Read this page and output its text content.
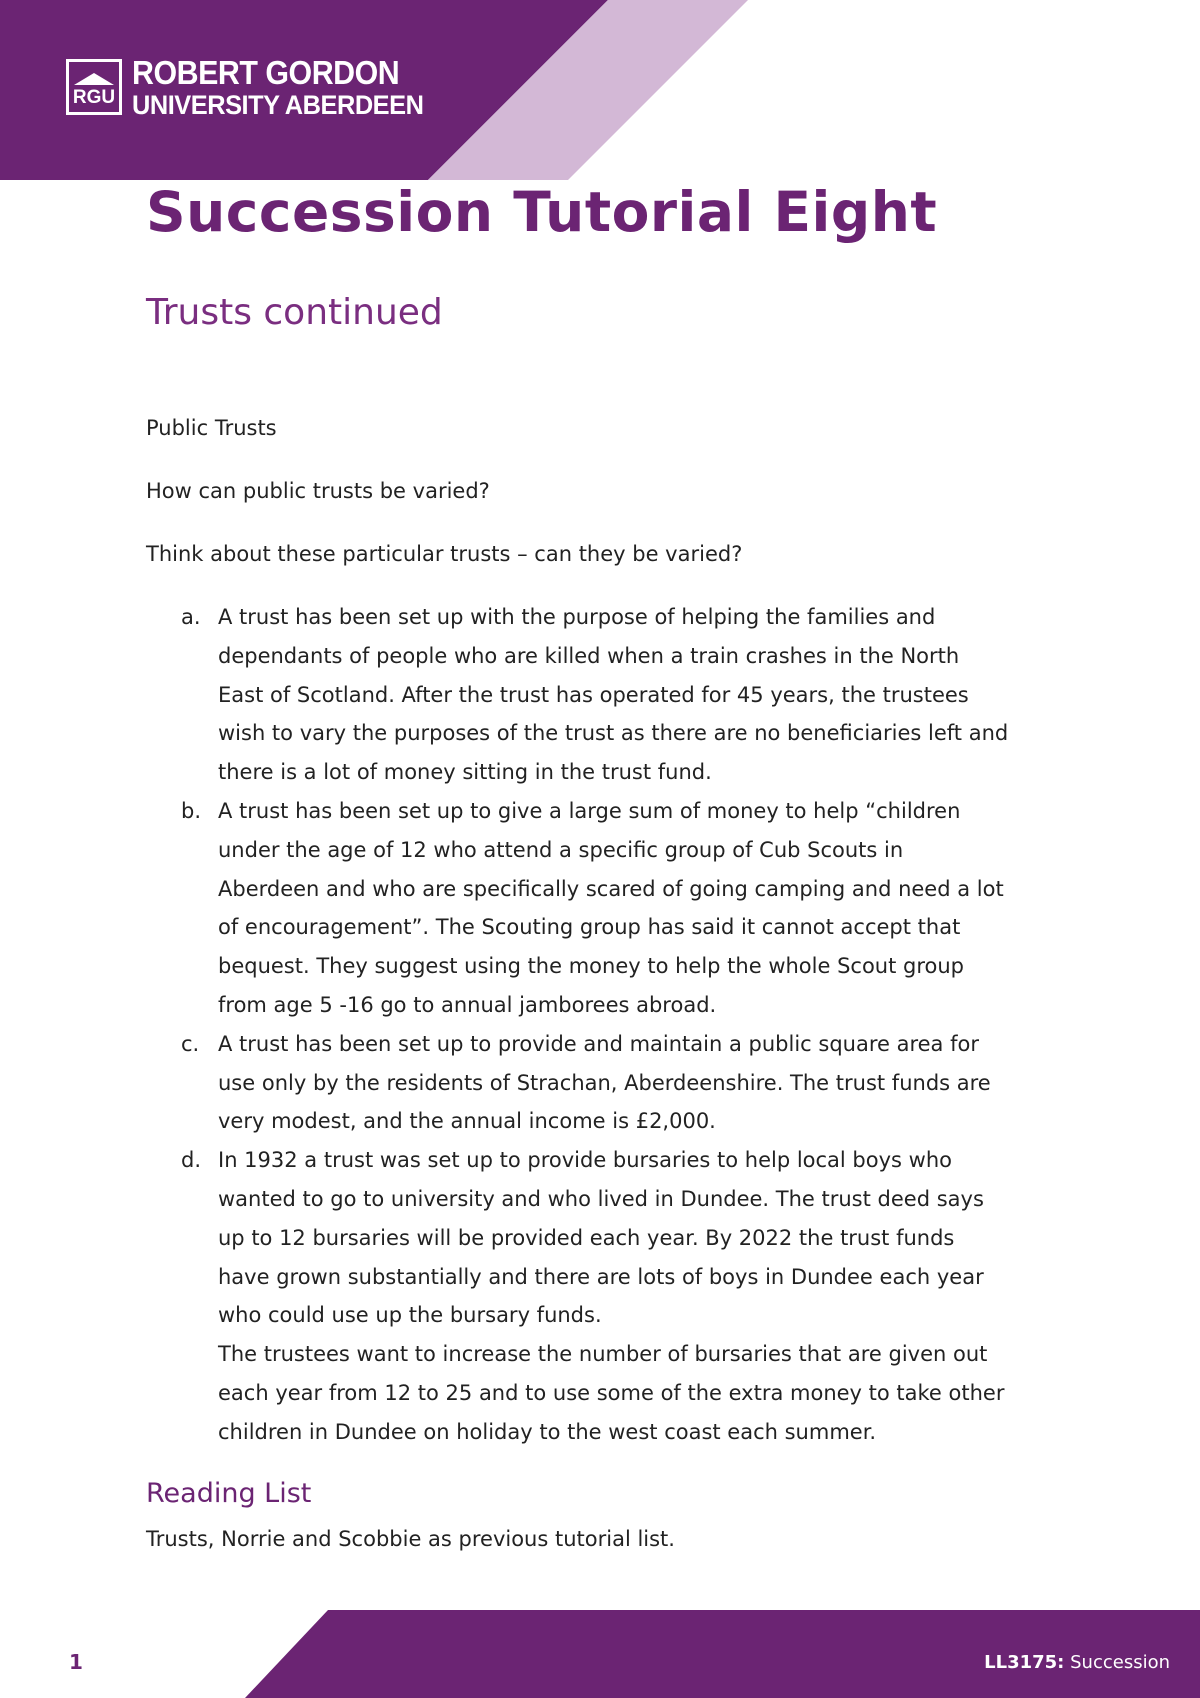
RGU
ROBERT GORDON
UNIVERSITY ABERDEEN
Succession Tutorial Eight
Trusts continued

Public Trusts

How can public trusts be varied?

Think about these particular trusts – can they be varied?

a. A trust has been set up with the purpose of helping the families and
dependants of people who are killed when a train crashes in the North
East of Scotland. After the trust has operated for 45 years, the trustees
wish to vary the purposes of the trust as there are no beneficiaries left and
there is a lot of money sitting in the trust fund.
b. A trust has been set up to give a large sum of money to help “children
under the age of 12 who attend a specific group of Cub Scouts in
Aberdeen and who are specifically scared of going camping and need a lot
of encouragement”. The Scouting group has said it cannot accept that
bequest. They suggest using the money to help the whole Scout group
from age 5 -16 go to annual jamborees abroad.
c. A trust has been set up to provide and maintain a public square area for
use only by the residents of Strachan, Aberdeenshire. The trust funds are
very modest, and the annual income is £2,000.
d. In 1932 a trust was set up to provide bursaries to help local boys who
wanted to go to university and who lived in Dundee. The trust deed says
up to 12 bursaries will be provided each year. By 2022 the trust funds
have grown substantially and there are lots of boys in Dundee each year
who could use up the bursary funds.
The trustees want to increase the number of bursaries that are given out
each year from 12 to 25 and to use some of the extra money to take other
children in Dundee on holiday to the west coast each summer.
Reading List

Trusts, Norrie and Scobbie as previous tutorial list.

1	LL3175: Succession
